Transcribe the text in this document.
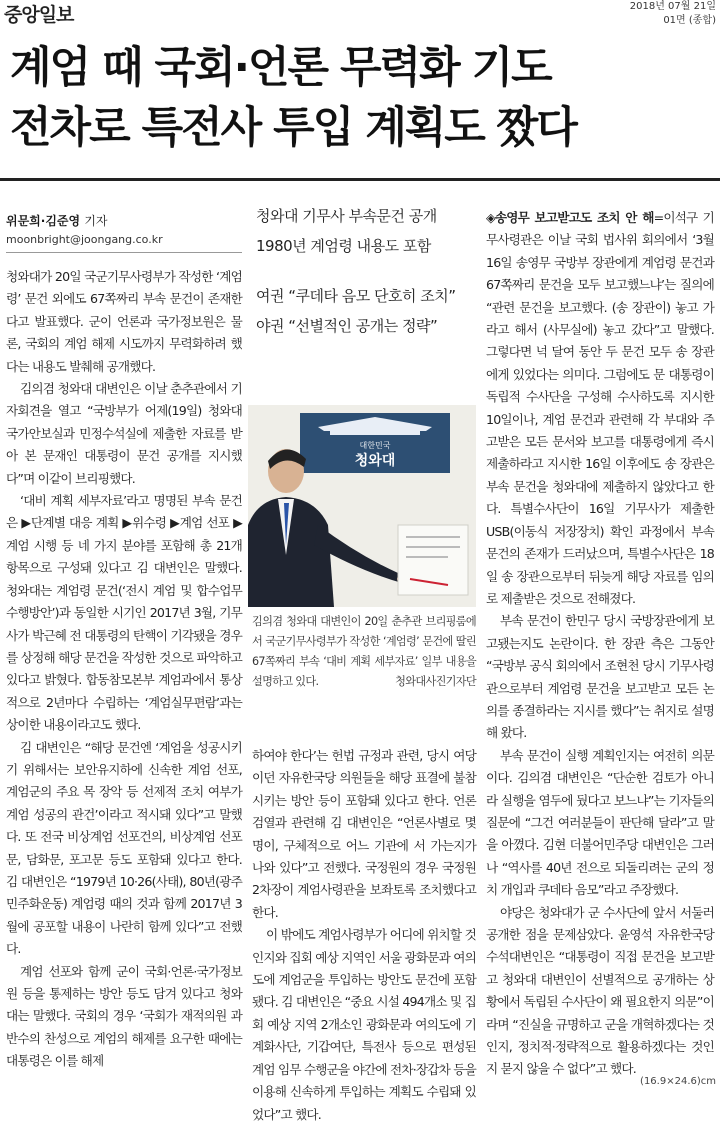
중앙일보	2018년 07월 21일
01면 (종합)
계엄 때 국회·언론 무력화 기도
전차로 특전사 투입 계획도 짰다
위문희·김준영 기자
moonbright@joongang.co.kr
청와대 기무사 부속문건 공개
1980년 계엄령 내용도 포함
여권 “쿠데타 음모 단호히 조치”
야권 “선별적인 공개는 정략”
대한민국
청와대
김의겸 청와대 대변인이 20일 춘추관 브리핑룸에서 국군기무사령부가 작성한 ‘계엄령’ 문건에 딸린 67쪽짜리 부속 ‘대비 계획 세부자료’ 일부 내용을 설명하고 있다.	청와대사진기자단

청와대가 20일 국군기무사령부가 작성한 ‘계엄령’ 문건 외에도 67쪽짜리 부속 문건이 존재한다고 발표했다. 군이 언론과 국가정보원은 물론, 국회의 계엄 해제 시도까지 무력화하려 했다는 내용도 발췌해 공개했다.

김의겸 청와대 대변인은 이날 춘추관에서 기자회견을 열고 “국방부가 어제(19일) 청와대 국가안보실과 민정수석실에 제출한 자료를 받아 본 문재인 대통령이 문건 공개를 지시했다”며 이같이 브리핑했다.

‘대비 계획 세부자료’라고 명명된 부속 문건은 ▶단계별 대응 계획 ▶위수령 ▶계엄 선포 ▶계엄 시행 등 네 가지 분야를 포함해 총 21개 항목으로 구성돼 있다고 김 대변인은 말했다. 청와대는 계엄령 문건(‘전시 계엄 및 합수업무 수행방안’)과 동일한 시기인 2017년 3월, 기무사가 박근혜 전 대통령의 탄핵이 기각됐을 경우를 상정해 해당 문건을 작성한 것으로 파악하고 있다고 밝혔다. 합동참모본부 계엄과에서 통상적으로 2년마다 수립하는 ‘계엄실무편람’과는 상이한 내용이라고도 했다.

김 대변인은 “해당 문건엔 ‘계엄을 성공시키기 위해서는 보안유지하에 신속한 계엄 선포, 계엄군의 주요 목 장악 등 선제적 조치 여부가 계엄 성공의 관건’이라고 적시돼 있다”고 말했다. 또 전국 비상계엄 선포건의, 비상계엄 선포문, 담화문, 포고문 등도 포함돼 있다고 한다. 김 대변인은 “1979년 10·26(사태), 80년(광주 민주화운동) 계엄령 때의 것과 함께 2017년 3월에 공포할 내용이 나란히 함께 있다”고 전했다.

계엄 선포와 함께 군이 국회·언론·국가정보원 등을 통제하는 방안 등도 담겨 있다고 청와대는 말했다. 국회의 경우 ‘국회가 재적의원 과반수의 찬성으로 계엄의 해제를 요구한 때에는 대통령은 이를 해제

하여야 한다’는 헌법 규정과 관련, 당시 여당이던 자유한국당 의원들을 해당 표결에 불참시키는 방안 등이 포함돼 있다고 한다. 언론 검열과 관련해 김 대변인은 “언론사별로 몇 명이, 구체적으로 어느 기관에 서 가는지가 나와 있다”고 전했다. 국정원의 경우 국정원 2차장이 계엄사령관을 보좌토록 조치했다고 한다.

이 밖에도 계엄사령부가 어디에 위치할 것인지와 집회 예상 지역인 서울 광화문과 여의도에 계엄군을 투입하는 방안도 문건에 포함됐다. 김 대변인은 “중요 시설 494개소 및 집회 예상 지역 2개소인 광화문과 여의도에 기계화사단, 기갑여단, 특전사 등으로 편성된 계엄 임무 수행군을 야간에 전차·장갑차 등을 이용해 신속하게 투입하는 계획도 수립돼 있었다”고 했다.

◈송영무 보고받고도 조치 안 해=이석구 기무사령관은 이날 국회 법사위 회의에서 ‘3월 16일 송영무 국방부 장관에게 계엄령 문건과 67쪽짜리 문건을 모두 보고했느냐’는 질의에 “관련 문건을 보고했다. (송 장관이) 놓고 가라고 해서 (사무실에) 놓고 갔다”고 말했다. 그렇다면 넉 달여 동안 두 문건 모두 송 장관에게 있었다는 의미다. 그럼에도 문 대통령이 독립적 수사단을 구성해 수사하도록 지시한 10일이나, 계엄 문건과 관련해 각 부대와 주고받은 모든 문서와 보고를 대통령에게 즉시 제출하라고 지시한 16일 이후에도 송 장관은 부속 문건을 청와대에 제출하지 않았다고 한다. 특별수사단이 16일 기무사가 제출한 USB(이동식 저장장치) 확인 과정에서 부속 문건의 존재가 드러났으며, 특별수사단은 18일 송 장관으로부터 뒤늦게 해당 자료를 임의로 제출받은 것으로 전해졌다.

부속 문건이 한민구 당시 국방장관에게 보고됐는지도 논란이다. 한 장관 측은 그동안 “국방부 공식 회의에서 조현천 당시 기무사령관으로부터 계엄령 문건을 보고받고 모든 논의를 종결하라는 지시를 했다”는 취지로 설명해 왔다.

부속 문건이 실행 계획인지는 여전히 의문이다. 김의겸 대변인은 “단순한 검토가 아니라 실행을 염두에 뒀다고 보느냐”는 기자들의 질문에 “그건 여러분들이 판단해 달라”고 말을 아꼈다. 김현 더불어민주당 대변인은 그러나 “역사를 40년 전으로 되돌리려는 군의 정치 개입과 쿠데타 음모”라고 주장했다.

야당은 청와대가 군 수사단에 앞서 서둘러 공개한 점을 문제삼았다. 윤영석 자유한국당 수석대변인은 “대통령이 직접 문건을 보고받고 청와대 대변인이 선별적으로 공개하는 상황에서 독립된 수사단이 왜 필요한지 의문”이라며 “진실을 규명하고 군을 개혁하겠다는 것인지, 정치적·정략적으로 활용하겠다는 것인지 묻지 않을 수 없다”고 했다.

(16.9×24.6)cm
